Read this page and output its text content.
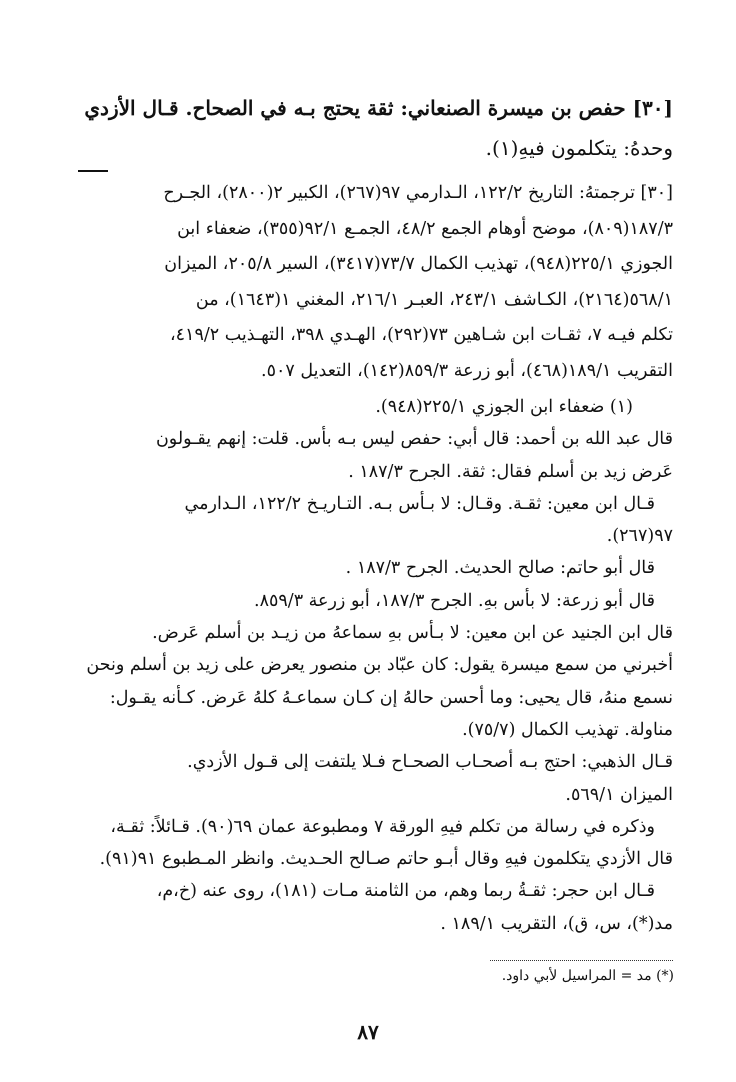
[٣٠] حفص بن ميسرة الصنعاني: ثقة يحتج بـه في الصحاح. قـال الأزدي
وحدهُ: يتكلمون فيهِ(١).
[٣٠] ترجمتهُ: التاريخ ١٢٢/٢، الـدارمي ٩٧(٢٦٧)، الكبير ٢(٢٨٠٠)، الجـرح
١٨٧/٣(٨٠٩)، موضح أوهام الجمع ٤٨/٢، الجمـع ٩٢/١(٣٥٥)، ضعفاء ابن
الجوزي ٢٢٥/١(٩٤٨)، تهذيب الكمال ٧٣/٧(٣٤١٧)، السير ٢٠٥/٨، الميزان
٥٦٨/١(٢١٦٤)، الكـاشف ٢٤٣/١، العبـر ٢١٦/١، المغني ١(١٦٤٣)، من
تكلم فيـه ٧، ثقـات ابن شـاهين ٧٣(٢٩٢)، الهـدي ٣٩٨، التهـذيب ٤١٩/٢،
التقريب ١٨٩/١(٤٦٨)، أبو زرعة ٨٥٩/٣(١٤٢)، التعديل ٥٠٧.
(١) ضعفاء ابن الجوزي ٢٢٥/١(٩٤٨).
قال عبد الله بن أحمد: قال أبي: حفص ليس بـه بأس. قلت: إنهم يقـولون
عَرض زيد بن أسلم فقال: ثقة. الجرح ١٨٧/٣ .
قـال ابن معين: ثقـة. وقـال: لا بـأس بـه. التـاريـخ ١٢٢/٢، الـدارمي
٩٧(٢٦٧).
قال أبو حاتم: صالح الحديث. الجرح ١٨٧/٣ .
قال أبو زرعة: لا بأس بهِ. الجرح ١٨٧/٣، أبو زرعة ٨٥٩/٣.
قال ابن الجنيد عن ابن معين: لا بـأس بهِ سماعهُ من زيـد بن أسلم عَرض.
أخبرني من سمع ميسرة يقول: كان عبّاد بن منصور يعرض على زيد بن أسلم ونحن
نسمع منهُ، قال يحيى: وما أحسن حالهُ إن كـان سماعـهُ كلهُ عَرض. كـأنه يقـول:
مناولة. تهذيب الكمال (٧٥/٧).
قـال الذهبي: احتج بـه أصحـاب الصحـاح فـلا يلتفت إلى قـول الأزدي.
الميزان ٥٦٩/١.
وذكره في رسالة من تكلم فيهِ الورقة ٧ ومطبوعة عمان ٦٩(٩٠). قـائلاً: ثقـة،
قال الأزدي يتكلمون فيهِ وقال أبـو حاتم صـالح الحـديث. وانظر المـطبوع ٩١(٩١).
قـال ابن حجر: ثقـةُ ربما وهم، من الثامنة مـات (١٨١)، روى عنه (خ،م،
مد(*)، س، ق)، التقريب ١٨٩/١ .
(*) مد = المراسيل لأبي داود.
٨٧
